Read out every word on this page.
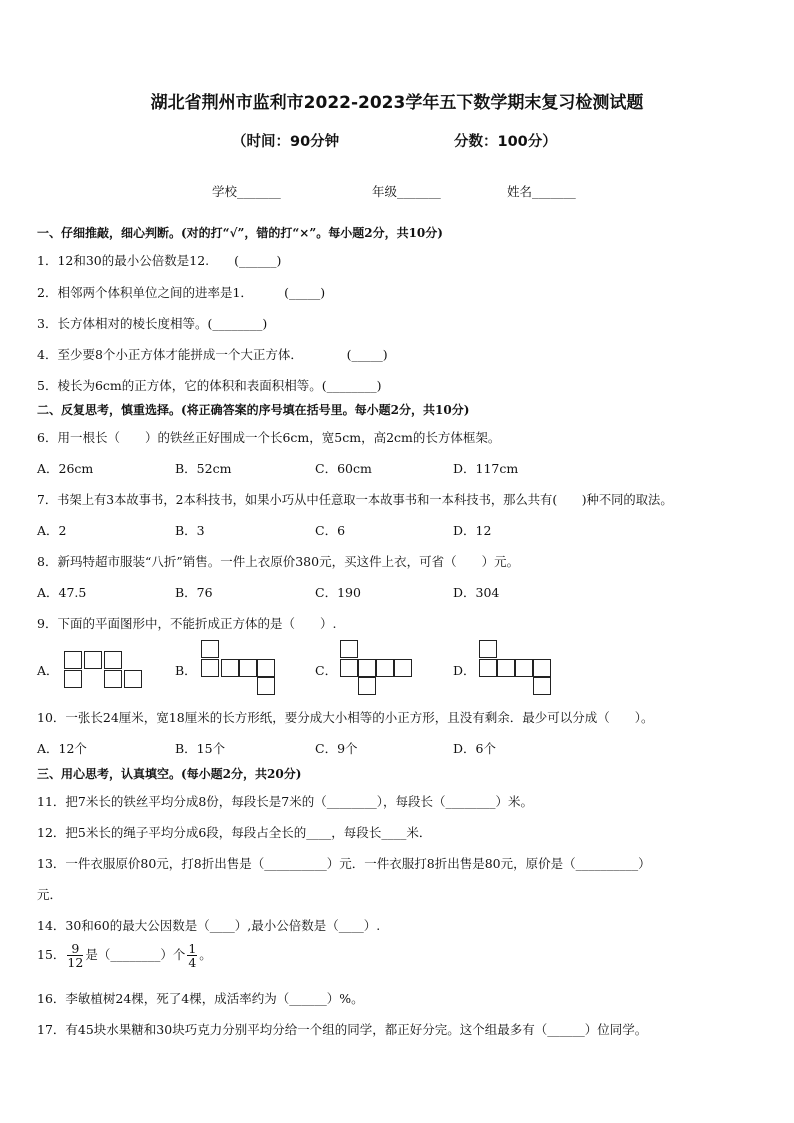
湖北省荆州市监利市2022-2023学年五下数学期末复习检测试题
（时间：90分钟	分数：100分）
学校_______	年级_______	姓名_______
一、仔细推敲，细心判断。(对的打“√”，错的打“×”。每小题2分，共10分)
1．12和30的最小公倍数是12.　　(______)
2．相邻两个体积单位之间的进率是1．　　　(_____)
3．长方体相对的棱长度相等。(________)
4．至少要8个小正方体才能拼成一个大正方体．　　　　(_____)
5．棱长为6cm的正方体，它的体积和表面积相等。(________)
二、反复思考，慎重选择。(将正确答案的序号填在括号里。每小题2分，共10分)
6．用一根长（　　）的铁丝正好围成一个长6cm，宽5cm，高2cm的长方体框架。
A．26cm	B．52cm	C．60cm	D．117cm
7．书架上有3本故事书，2本科技书，如果小巧从中任意取一本故事书和一本科技书，那么共有(　　)种不同的取法。
A．2	B．3	C．6	D．12
8．新玛特超市服装“八折”销售。一件上衣原价380元，买这件上衣，可省（　　）元。
A．47.5	B．76	C．190	D．304
9．下面的平面图形中，不能折成正方体的是（　　）.
A．	B．	C．	D．
10．一张长24厘米，宽18厘米的长方形纸，要分成大小相等的小正方形，且没有剩余．最少可以分成（　　）。
A．12个	B．15个	C．9个	D．6个
三、用心思考，认真填空。(每小题2分，共20分)
11．把7米长的铁丝平均分成8份，每段长是7米的（________），每段长（________）米。
12．把5米长的绳子平均分成6段，每段占全长的____，每段长____米．
13．一件衣服原价80元，打8折出售是（__________）元．一件衣服打8折出售是80元，原价是（__________）
元．
14．30和60的最大公因数是（____）,最小公倍数是（____）.
15． $\frac{9}{12}$ 是（________）个 $\frac{1}{4}$ 。
16．李敏植树24棵，死了4棵，成活率约为（______）%。
17．有45块水果糖和30块巧克力分别平均分给一个组的同学，都正好分完。这个组最多有（______）位同学。
